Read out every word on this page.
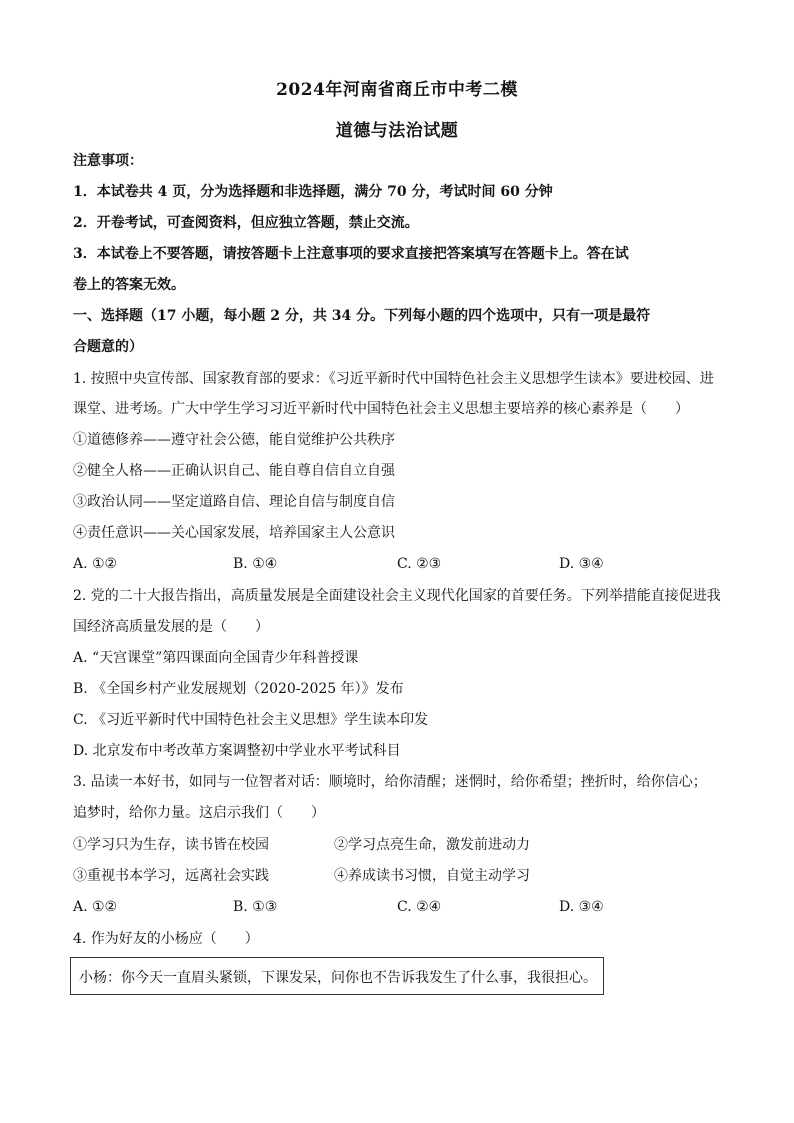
2024年河南省商丘市中考二模
道德与法治试题
注意事项：
1．本试卷共 4 页，分为选择题和非选择题，满分 70 分，考试时间 60 分钟
2．开卷考试，可查阅资料，但应独立答题，禁止交流。
3．本试卷上不要答题，请按答题卡上注意事项的要求直接把答案填写在答题卡上。答在试
卷上的答案无效。
一、选择题（17 小题，每小题 2 分，共 34 分。下列每小题的四个选项中，只有一项是最符
合题意的）
1. 按照中央宣传部、国家教育部的要求：《习近平新时代中国特色社会主义思想学生读本》要进校园、进
课堂、进考场。广大中学生学习习近平新时代中国特色社会主义思想主要培养的核心素养是（　　）
①道德修养——遵守社会公德，能自觉维护公共秩序
②健全人格——正确认识自己、能自尊自信自立自强
③政治认同——坚定道路自信、理论自信与制度自信
④责任意识——关心国家发展，培养国家主人公意识
A. ①②	B. ①④	C. ②③	D. ③④
2. 党的二十大报告指出，高质量发展是全面建设社会主义现代化国家的首要任务。下列举措能直接促进我
国经济高质量发展的是（　　）
A. “天宫课堂”第四课面向全国青少年科普授课
B. 《全国乡村产业发展规划（2020-2025 年）》发布
C. 《习近平新时代中国特色社会主义思想》学生读本印发
D. 北京发布中考改革方案调整初中学业水平考试科目
3. 品读一本好书，如同与一位智者对话：顺境时，给你清醒；迷惘时，给你希望；挫折时，给你信心；
追梦时，给你力量。这启示我们（　　）
①学习只为生存，读书皆在校园	②学习点亮生命，激发前进动力
③重视书本学习，远离社会实践	④养成读书习惯，自觉主动学习
A. ①②	B. ①③	C. ②④	D. ③④
4. 作为好友的小杨应（　　）
小杨：你今天一直眉头紧锁，下课发呆，问你也不告诉我发生了什么事，我很担心。
